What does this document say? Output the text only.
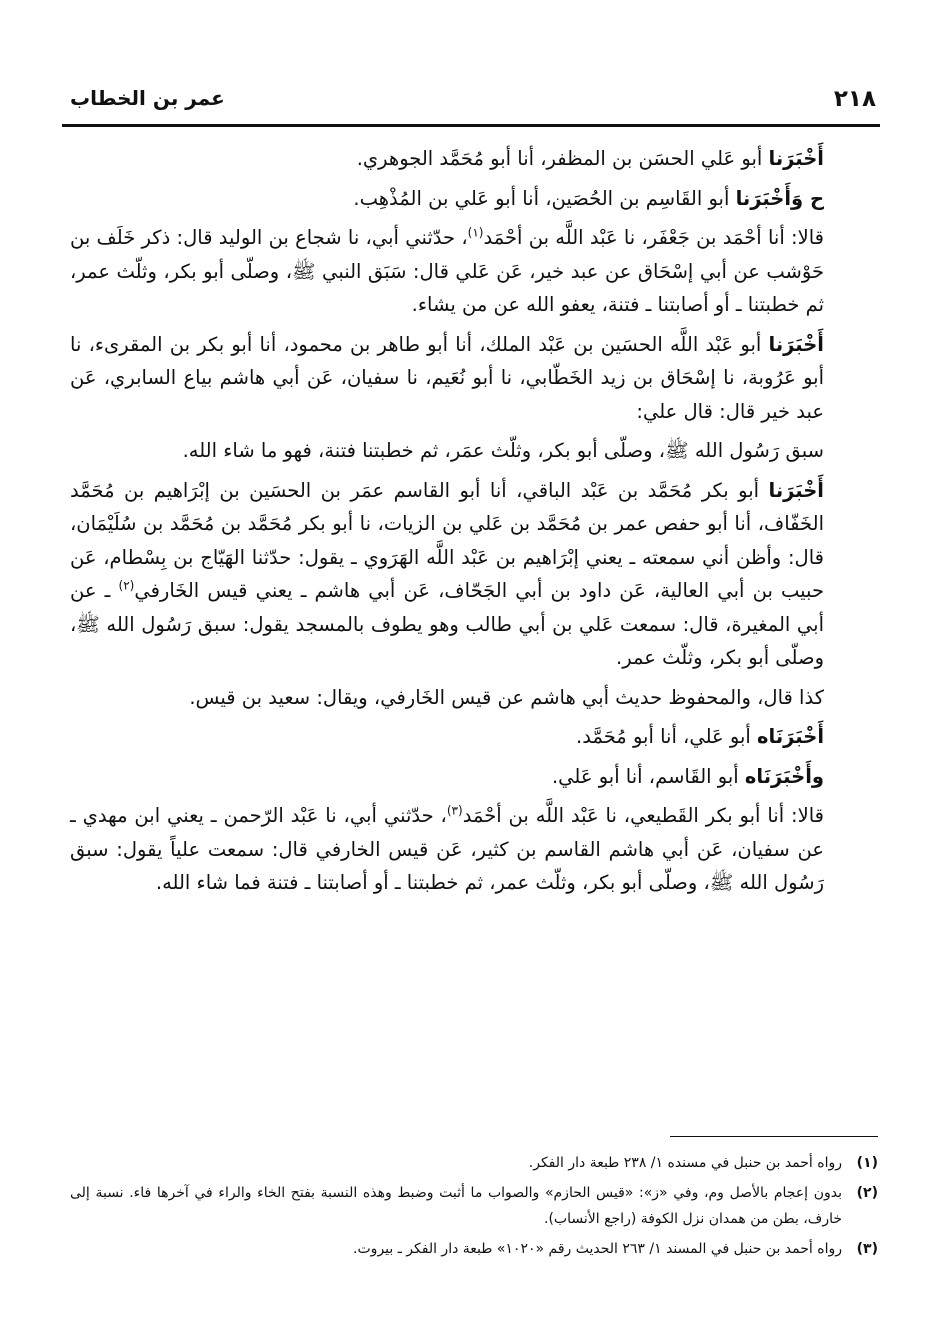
٢١٨
عمر بن الخطاب

أَخْبَرَنا أبو عَلي الحسَن بن المظفر، أنا أبو مُحَمَّد الجوهري.

ح وَأَخْبَرَنا أبو القَاسِم بن الحُصَين، أنا أبو عَلي بن المُذْهِب.

قالا: أنا أحْمَد بن جَعْفَر، نا عَبْد اللَّه بن أحْمَد$^{(١)}$، حدّثني أبي، نا شجاع بن الوليد قال: ذكر خَلَف بن حَوْشب عن أبي إسْحَاق عن عبد خير، عَن عَلي قال: سَبَق النبي ﷺ، وصلّى أبو بكر، وثلّث عمر، ثم خطبتنا ـ أو أصابتنا ـ فتنة، يعفو الله عن من يشاء.

أَخْبَرَنا أبو عَبْد اللَّه الحسَين بن عَبْد الملك، أنا أبو طاهر بن محمود، أنا أبو بكر بن المقرىء، نا أبو عَرُوبة، نا إسْحَاق بن زيد الخَطّابي، نا أبو نُعَيم، نا سفيان، عَن أبي هاشم بياع السابري، عَن عبد خير قال: قال علي:

سبق رَسُول الله ﷺ، وصلّى أبو بكر، وثلّث عمَر، ثم خطبتنا فتنة، فهو ما شاء الله.

أَخْبَرَنا أبو بكر مُحَمَّد بن عَبْد الباقي، أنا أبو القاسم عمَر بن الحسَين بن إبْرَاهيم بن مُحَمَّد الخَفّاف، أنا أبو حفص عمر بن مُحَمَّد بن عَلي بن الزيات، نا أبو بكر مُحَمَّد بن مُحَمَّد بن سُلَيْمَان، قال: وأظن أني سمعته ـ يعني إبْرَاهيم بن عَبْد اللَّه الهَرَوي ـ يقول: حدّثنا الهَيّاج بن بِسْطام، عَن حبيب بن أبي العالية، عَن داود بن أبي الجَحّاف، عَن أبي هاشم ـ يعني قيس الخَارفي$^{(٢)}$ ـ عن أبي المغيرة، قال: سمعت عَلي بن أبي طالب وهو يطوف بالمسجد يقول: سبق رَسُول الله ﷺ، وصلّى أبو بكر، وثلّث عمر.

كذا قال، والمحفوظ حديث أبي هاشم عن قيس الخَارفي، ويقال: سعيد بن قيس.

أَخْبَرَنَاه أبو عَلي، أنا أبو مُحَمَّد.

وأَخْبَرَنَاه أبو القَاسم، أنا أبو عَلي.

قالا: أنا أبو بكر القَطيعي، نا عَبْد اللَّه بن أحْمَد$^{(٣)}$، حدّثني أبي، نا عَبْد الرّحمن ـ يعني ابن مهدي ـ عن سفيان، عَن أبي هاشم القاسم بن كثير، عَن قيس الخارفي قال: سمعت علياً يقول: سبق رَسُول الله ﷺ، وصلّى أبو بكر، وثلّث عمر، ثم خطبتنا ـ أو أصابتنا ـ فتنة فما شاء الله.

(١)
رواه أحمد بن حنبل في مسنده ١/ ٢٣٨ طبعة دار الفكر.
(٢)
بدون إعجام بالأصل وم، وفي «ز»: «قيس الحازم» والصواب ما أثبت وضبط وهذه النسبة بفتح الخاء والراء في آخرها فاء. نسبة إلى خارف، بطن من همدان نزل الكوفة (راجع الأنساب).
(٣)
رواه أحمد بن حنبل في المسند ١/ ٢٦٣ الحديث رقم «١٠٢٠» طبعة دار الفكر ـ بيروت.
